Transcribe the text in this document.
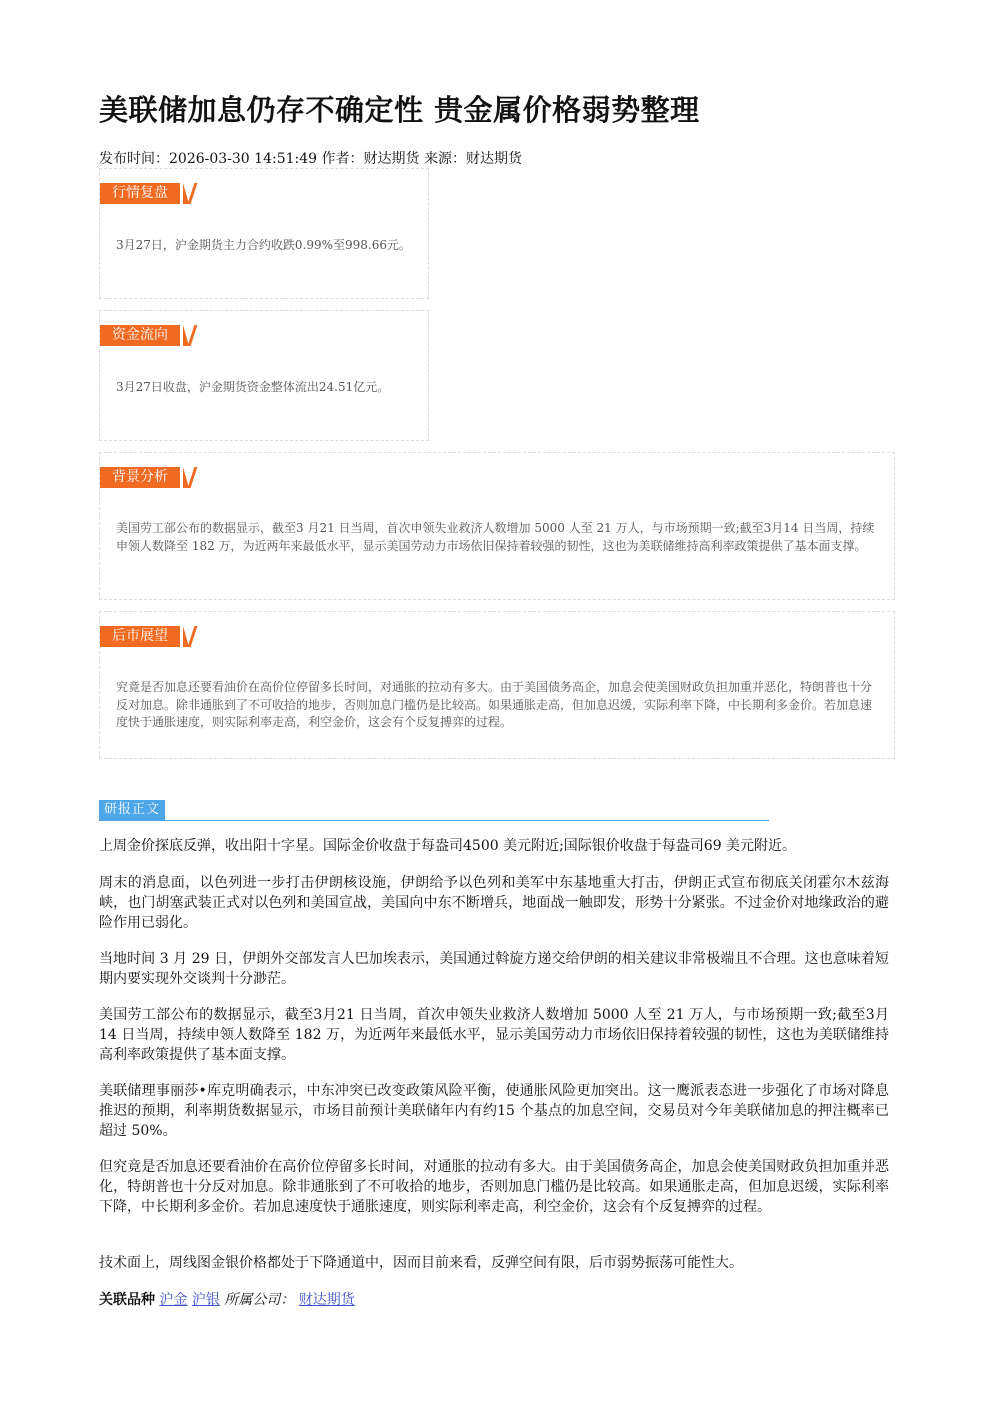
美联储加息仍存不确定性 贵金属价格弱势整理
发布时间：2026-03-30 14:51:49 作者：财达期货 来源：财达期货
行情复盘
3月27日，沪金期货主力合约收跌0.99%至998.66元。
资金流向
3月27日收盘，沪金期货资金整体流出24.51亿元。
背景分析
美国劳工部公布的数据显示，截至3 月21 日当周，首次申领失业救济人数增加 5000 人至 21 万人，与市场预期一致;截至3月14 日当周，持续申领人数降至 182 万，为近两年来最低水平，显示美国劳动力市场依旧保持着较强的韧性，这也为美联储维持高利率政策提供了基本面支撑。
后市展望
究竟是否加息还要看油价在高价位停留多长时间，对通胀的拉动有多大。由于美国债务高企，加息会使美国财政负担加重并恶化，特朗普也十分反对加息。除非通胀到了不可收拾的地步，否则加息门槛仍是比较高。如果通胀走高，但加息迟缓，实际利率下降，中长期利多金价。若加息速度快于通胀速度，则实际利率走高，利空金价，这会有个反复搏弈的过程。
研报正文

上周金价探底反弹，收出阳十字星。国际金价收盘于每盎司4500 美元附近;国际银价收盘于每盎司69 美元附近。

周末的消息面，以色列进一步打击伊朗核设施，伊朗给予以色列和美军中东基地重大打击，伊朗正式宣布彻底关闭霍尔木兹海峡，也门胡塞武装正式对以色列和美国宣战，美国向中东不断增兵，地面战一触即发，形势十分紧张。不过金价对地缘政治的避险作用已弱化。

当地时间 3 月 29 日，伊朗外交部发言人巴加埃表示，美国通过斡旋方递交给伊朗的相关建议非常极端且不合理。这也意味着短期内要实现外交谈判十分渺茫。

美国劳工部公布的数据显示，截至3月21 日当周，首次申领失业救济人数增加 5000 人至 21 万人，与市场预期一致;截至3月14 日当周，持续申领人数降至 182 万，为近两年来最低水平，显示美国劳动力市场依旧保持着较强的韧性，这也为美联储维持高利率政策提供了基本面支撑。

美联储理事丽莎•库克明确表示，中东冲突已改变政策风险平衡，使通胀风险更加突出。这一鹰派表态进一步强化了市场对降息推迟的预期，利率期货数据显示，市场目前预计美联储年内有约15 个基点的加息空间，交易员对今年美联储加息的押注概率已超过 50%。

但究竟是否加息还要看油价在高价位停留多长时间，对通胀的拉动有多大。由于美国债务高企，加息会使美国财政负担加重并恶化，特朗普也十分反对加息。除非通胀到了不可收拾的地步，否则加息门槛仍是比较高。如果通胀走高，但加息迟缓，实际利率下降，中长期利多金价。若加息速度快于通胀速度，则实际利率走高，利空金价，这会有个反复搏弈的过程。

技术面上，周线图金银价格都处于下降通道中，因而目前来看，反弹空间有限，后市弱势振荡可能性大。

关联品种 沪金 沪银 所属公司： 财达期货
